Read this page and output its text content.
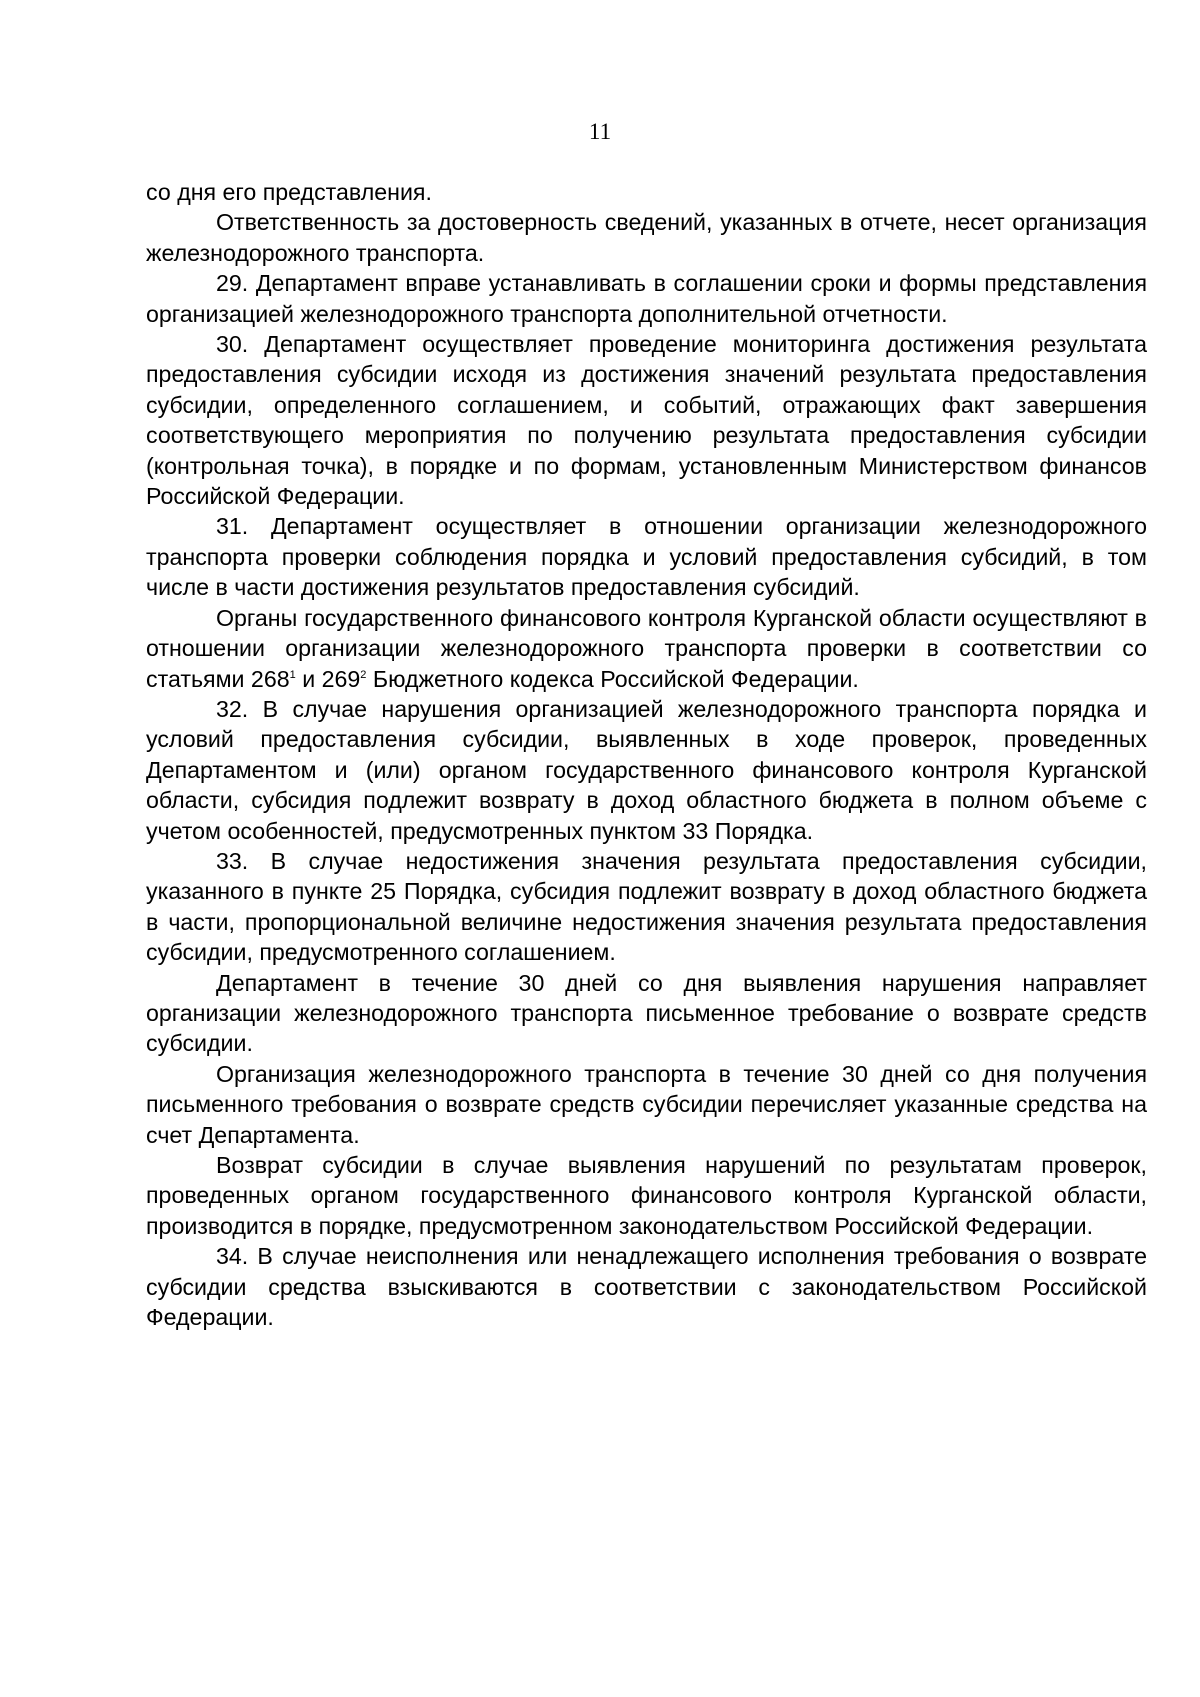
11

со дня его представления.

Ответственность за достоверность сведений, указанных в отчете, несет организация железнодорожного транспорта.

29. Департамент вправе устанавливать в соглашении сроки и формы представления организацией железнодорожного транспорта дополнительной отчетности.

30. Департамент осуществляет проведение мониторинга достижения результата предоставления субсидии исходя из достижения значений результата предоставления субсидии, определенного соглашением, и событий, отражающих факт завершения соответствующего мероприятия по получению результата предоставления субсидии (контрольная точка), в порядке и по формам, установленным Министерством финансов Российской Федерации.

31. Департамент осуществляет в отношении организации железнодорожного транспорта проверки соблюдения порядка и условий предоставления субсидий, в том числе в части достижения результатов предоставления субсидий.

Органы государственного финансового контроля Курганской области осуществляют в отношении организации железнодорожного транспорта проверки в соответствии со статьями $268^1$ и $269^2$ Бюджетного кодекса Российской Федерации.

32. В случае нарушения организацией железнодорожного транспорта порядка и условий предоставления субсидии, выявленных в ходе проверок, проведенных Департаментом и (или) органом государственного финансового контроля Курганской области, субсидия подлежит возврату в доход областного бюджета в полном объеме с учетом особенностей, предусмотренных пунктом 33 Порядка.

33. В случае недостижения значения результата предоставления субсидии, указанного в пункте 25 Порядка, субсидия подлежит возврату в доход областного бюджета в части, пропорциональной величине недостижения значения результата предоставления субсидии, предусмотренного соглашением.

Департамент в течение 30 дней со дня выявления нарушения направляет организации железнодорожного транспорта письменное требование о возврате средств субсидии.

Организация железнодорожного транспорта в течение 30 дней со дня получения письменного требования о возврате средств субсидии перечисляет указанные средства на счет Департамента.

Возврат субсидии в случае выявления нарушений по результатам проверок, проведенных органом государственного финансового контроля Курганской области, производится в порядке, предусмотренном законодательством Российской Федерации.

34. В случае неисполнения или ненадлежащего исполнения требования о возврате субсидии средства взыскиваются в соответствии с законодательством Российской Федерации.
